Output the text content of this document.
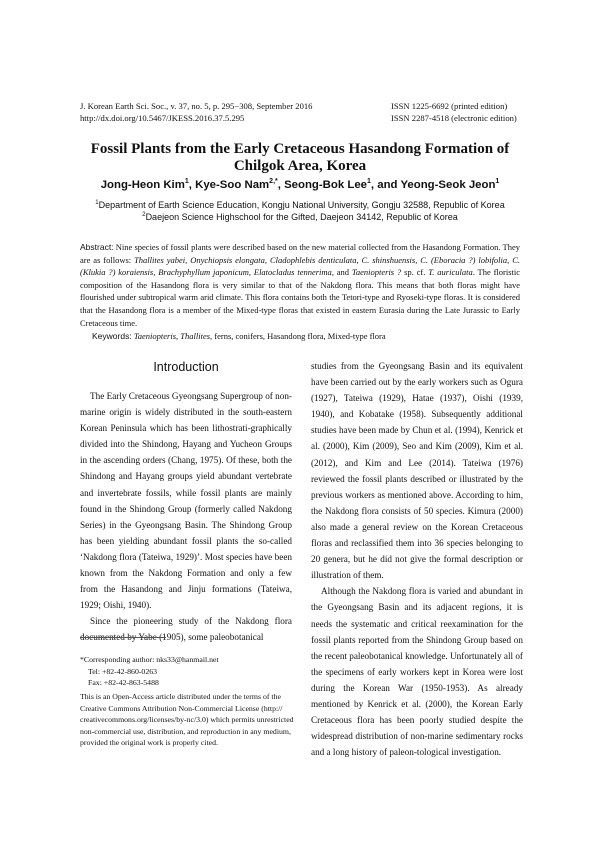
J. Korean Earth Sci. Soc., v. 37, no. 5, p. 295−308, September 2016
http://dx.doi.org/10.5467/JKESS.2016.37.5.295
ISSN 1225-6692 (printed edition)
ISSN 2287-4518 (electronic edition)
Fossil Plants from the Early Cretaceous Hasandong Formation of
Chilgok Area, Korea
Jong-Heon Kim$^1$, Kye-Soo Nam$^{2,*}$, Seong-Bok Lee$^1$, and Yeong-Seok Jeon$^1$
$^1$Department of Earth Science Education, Kongju National University, Gongju 32588, Republic of Korea
$^2$Daejeon Science Highschool for the Gifted, Daejeon 34142, Republic of Korea
Abstract: Nine species of fossil plants were described based on the new material collected from the Hasandong Formation. They are as follows: Thallites yabei, Onychiopsis elongata, Cladophlebis denticulata, C. shinshuensis, C. (Eboracia ?) lobifolia, C. (Klukia ?) koraiensis, Brachyphyllum japonicum, Elatocladus tennerima, and Taeniopteris ? sp. cf. T. auriculata. The floristic composition of the Hasandong flora is very similar to that of the Nakdong flora. This means that both floras might have flourished under subtropical warm arid climate. This flora contains both the Tetori-type and Ryoseki-type floras. It is considered that the Hasandong flora is a member of the Mixed-type floras that existed in eastern Eurasia during the Late Jurassic to Early Cretaceous time.
Keywords: Taeniopteris, Thallites, ferns, conifers, Hasandong flora, Mixed-type flora
Introduction

The Early Cretaceous Gyeongsang Supergroup of non-marine origin is widely distributed in the south-eastern Korean Peninsula which has been lithostrati-graphically divided into the Shindong, Hayang and Yucheon Groups in the ascending orders (Chang, 1975). Of these, both the Shindong and Hayang groups yield abundant vertebrate and invertebrate fossils, while fossil plants are mainly found in the Shindong Group (formerly called Nakdong Series) in the Gyeongsang Basin. The Shindong Group has been yielding abundant fossil plants the so-called ‘Nakdong flora (Tateiwa, 1929)’. Most species have been known from the Nakdong Formation and only a few from the Hasandong and Jinju formations (Tateiwa, 1929; Oishi, 1940).

Since the pioneering study of the Nakdong flora documented by Yabe (1905), some paleobotanical

studies from the Gyeongsang Basin and its equivalent have been carried out by the early workers such as Ogura (1927), Tateiwa (1929), Hatae (1937), Oishi (1939, 1940), and Kobatake (1958). Subsequently additional studies have been made by Chun et al. (1994), Kenrick et al. (2000), Kim (2009), Seo and Kim (2009), Kim et al. (2012), and Kim and Lee (2014). Tateiwa (1976) reviewed the fossil plants described or illustrated by the previous workers as mentioned above. According to him, the Nakdong flora consists of 50 species. Kimura (2000) also made a general review on the Korean Cretaceous floras and reclassified them into 36 species belonging to 20 genera, but he did not give the formal description or illustration of them.

Although the Nakdong flora is varied and abundant in the Gyeongsang Basin and its adjacent regions, it is needs the systematic and critical reexamination for the fossil plants reported from the Shindong Group based on the recent paleobotanical knowledge. Unfortunately all of the specimens of early workers kept in Korea were lost during the Korean War (1950-1953). As already mentioned by Kenrick et al. (2000), the Korean Early Cretaceous flora has been poorly studied despite the widespread distribution of non-marine sedimentary rocks and a long history of paleon-tological investigation.

*Corresponding author: nks33@hanmail.net
Tel: +82-42-860-0263
Fax: +82-42-863-5488
This is an Open-Access article distributed under the terms of the Creative Commons Attribution Non-Commercial License (http:// creativecommons.org/licenses/by-nc/3.0) which permits unrestricted non-commercial use, distribution, and reproduction in any medium, provided the original work is properly cited.
